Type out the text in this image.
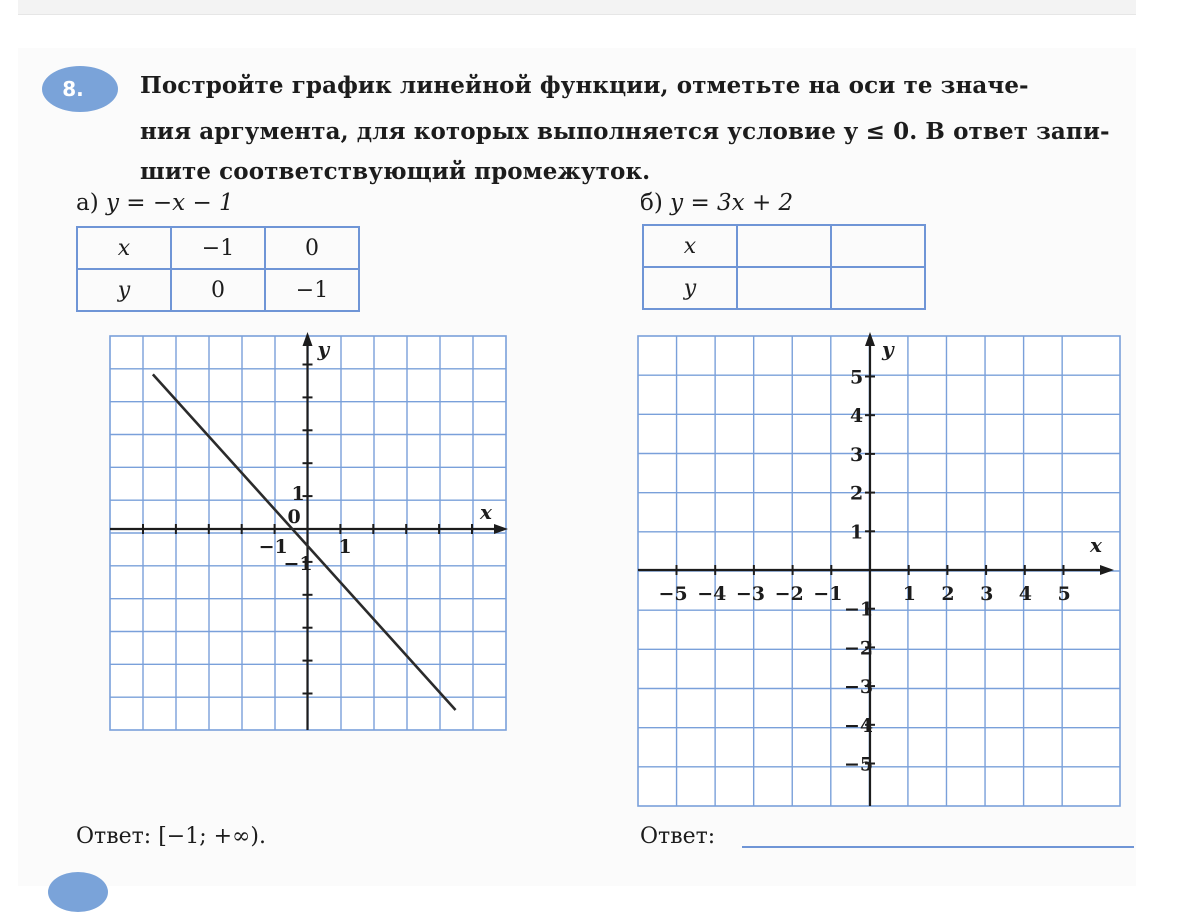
8. Постройте график линейной функции, отметьте на оси те значе-
ния аргумента, для которых выполняется условие y ≤ 0. В ответ запи-
шите соответствующий промежуток.
а) y = −x − 1	б) y = 3x + 2
x	−1	0
y	0	−1
x		
y		
x
y
0
−1	1
1
−1
−5 −4 −3 −2 −1	1 2 3 4 5
5
4
3
2
1
−1
−2
−3
−4
−5
x
y
Ответ: [−1; +∞).	Ответ:
